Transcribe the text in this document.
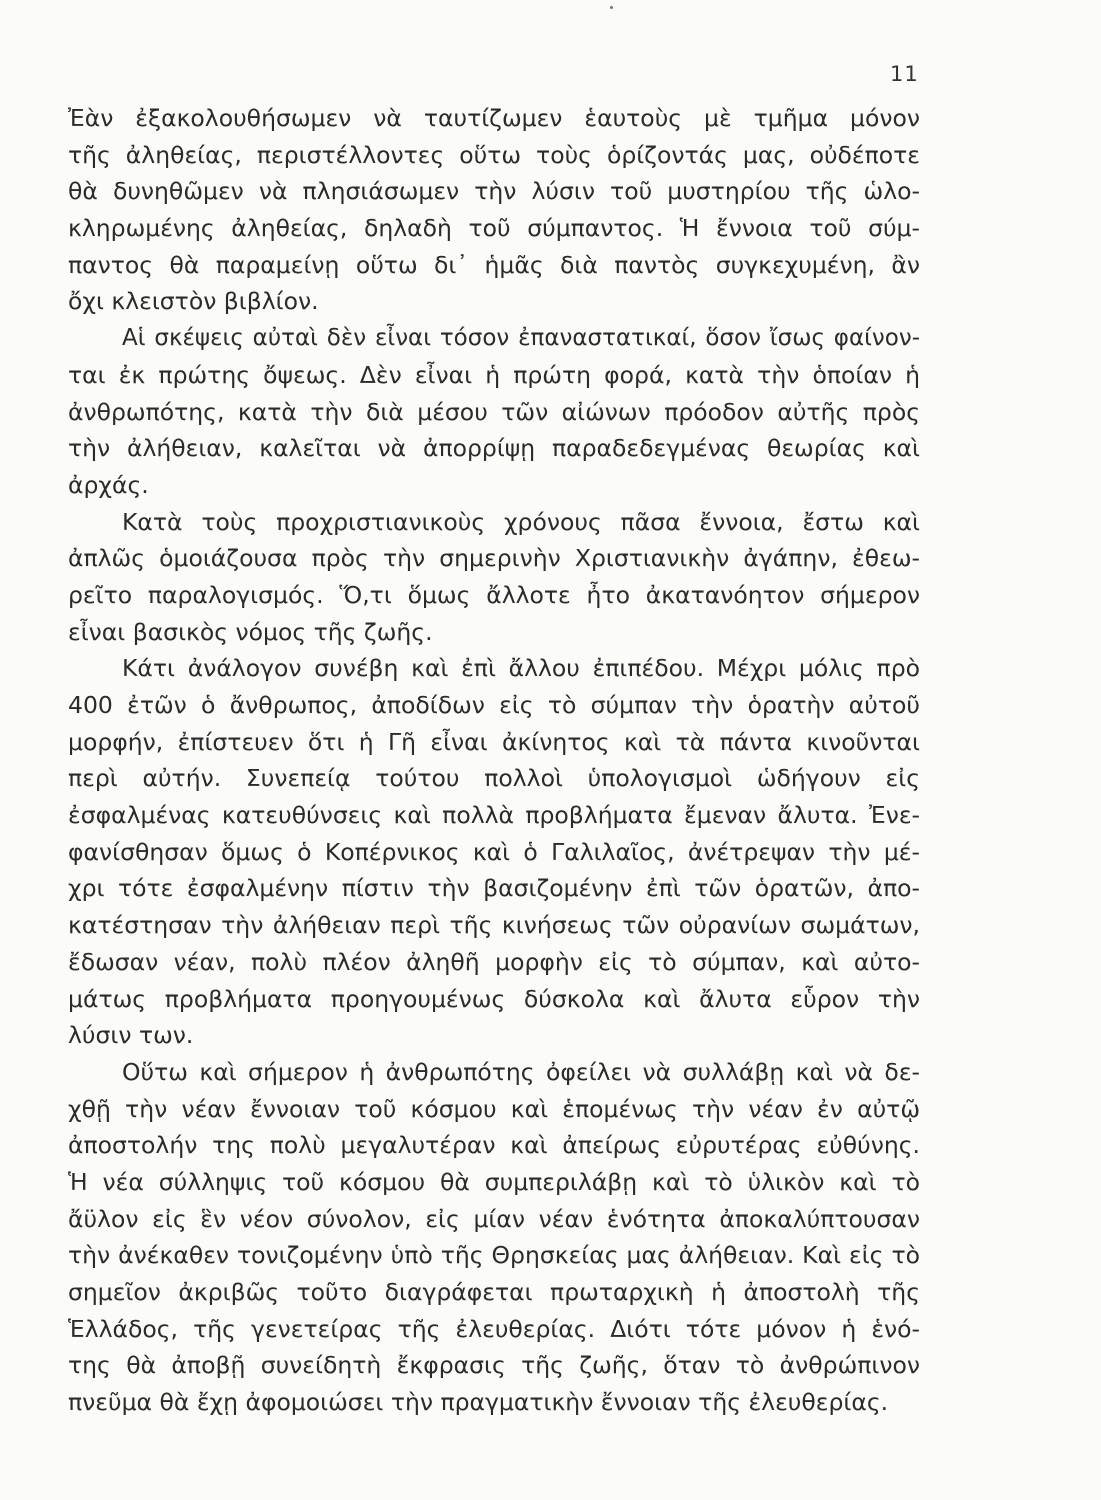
11
Ἐὰν ἐξακολουθήσωμεν νὰ ταυτίζωμεν ἑαυτοὺς μὲ τμῆμα μόνον
τῆς ἀληθείας, περιστέλλοντες οὕτω τοὺς ὁρίζοντάς μας, οὐδέποτε
θὰ δυνηθῶμεν νὰ πλησιάσωμεν τὴν λύσιν τοῦ μυστηρίου τῆς ὡλο-
κληρωμένης ἀληθείας, δηλαδὴ τοῦ σύμπαντος. Ἡ ἔννοια τοῦ σύμ-
παντος θὰ παραμείνῃ οὕτω δι᾿ ἡμᾶς διὰ παντὸς συγκεχυμένη, ἂν
ὄχι κλειστὸν βιβλίον.
Αἱ σκέψεις αὐταὶ δὲν εἶναι τόσον ἐπαναστατικαί, ὅσον ἴσως φαίνον-
ται ἐκ πρώτης ὄψεως. Δὲν εἶναι ἡ πρώτη φορά, κατὰ τὴν ὁποίαν ἡ
ἀνθρωπότης, κατὰ τὴν διὰ μέσου τῶν αἰώνων πρόοδον αὐτῆς πρὸς
τὴν ἀλήθειαν, καλεῖται νὰ ἀπορρίψῃ παραδεδεγμένας θεωρίας καὶ
ἀρχάς.
Κατὰ τοὺς προχριστιανικοὺς χρόνους πᾶσα ἔννοια, ἔστω καὶ
ἀπλῶς ὁμοιάζουσα πρὸς τὴν σημερινὴν Χριστιανικὴν ἀγάπην, ἐθεω-
ρεῖτο παραλογισμός. Ὅ,τι ὅμως ἄλλοτε ἦτο ἀκατανόητον σήμερον
εἶναι βασικὸς νόμος τῆς ζωῆς.
Κάτι ἀνάλογον συνέβη καὶ ἐπὶ ἄλλου ἐπιπέδου. Μέχρι μόλις πρὸ
400 ἐτῶν ὁ ἄνθρωπος, ἀποδίδων εἰς τὸ σύμπαν τὴν ὁρατὴν αὐτοῦ
μορφήν, ἐπίστευεν ὅτι ἡ Γῆ εἶναι ἀκίνητος καὶ τὰ πάντα κινοῦνται
περὶ αὐτήν. Συνεπείᾳ τούτου πολλοὶ ὑπολογισμοὶ ὡδήγουν εἰς
ἐσφαλμένας κατευθύνσεις καὶ πολλὰ προβλήματα ἔμεναν ἄλυτα. Ἐνε-
φανίσθησαν ὅμως ὁ Κοπέρνικος καὶ ὁ Γαλιλαῖος, ἀνέτρεψαν τὴν μέ-
χρι τότε ἐσφαλμένην πίστιν τὴν βασιζομένην ἐπὶ τῶν ὁρατῶν, ἀπο-
κατέστησαν τὴν ἀλήθειαν περὶ τῆς κινήσεως τῶν οὐρανίων σωμάτων,
ἔδωσαν νέαν, πολὺ πλέον ἀληθῆ μορφὴν εἰς τὸ σύμπαν, καὶ αὐτο-
μάτως προβλήματα προηγουμένως δύσκολα καὶ ἄλυτα εὗρον τὴν
λύσιν των.
Οὕτω καὶ σήμερον ἡ ἀνθρωπότης ὀφείλει νὰ συλλάβῃ καὶ νὰ δε-
χθῇ τὴν νέαν ἔννοιαν τοῦ κόσμου καὶ ἑπομένως τὴν νέαν ἐν αὐτῷ
ἀποστολήν της πολὺ μεγαλυτέραν καὶ ἀπείρως εὐρυτέρας εὐθύνης.
Ἡ νέα σύλληψις τοῦ κόσμου θὰ συμπεριλάβῃ καὶ τὸ ὑλικὸν καὶ τὸ
ἄϋλον εἰς ἓν νέον σύνολον, εἰς μίαν νέαν ἑνότητα ἀποκαλύπτουσαν
τὴν ἀνέκαθεν τονιζομένην ὑπὸ τῆς Θρησκείας μας ἀλήθειαν. Καὶ εἰς τὸ
σημεῖον ἀκριβῶς τοῦτο διαγράφεται πρωταρχικὴ ἡ ἀποστολὴ τῆς
Ἑλλάδος, τῆς γενετείρας τῆς ἐλευθερίας. Διότι τότε μόνον ἡ ἑνό-
της θὰ ἀποβῇ συνείδητὴ ἔκφρασις τῆς ζωῆς, ὅταν τὸ ἀνθρώπινον
πνεῦμα θὰ ἔχῃ ἀφομοιώσει τὴν πραγματικὴν ἔννοιαν τῆς ἐλευθερίας.
